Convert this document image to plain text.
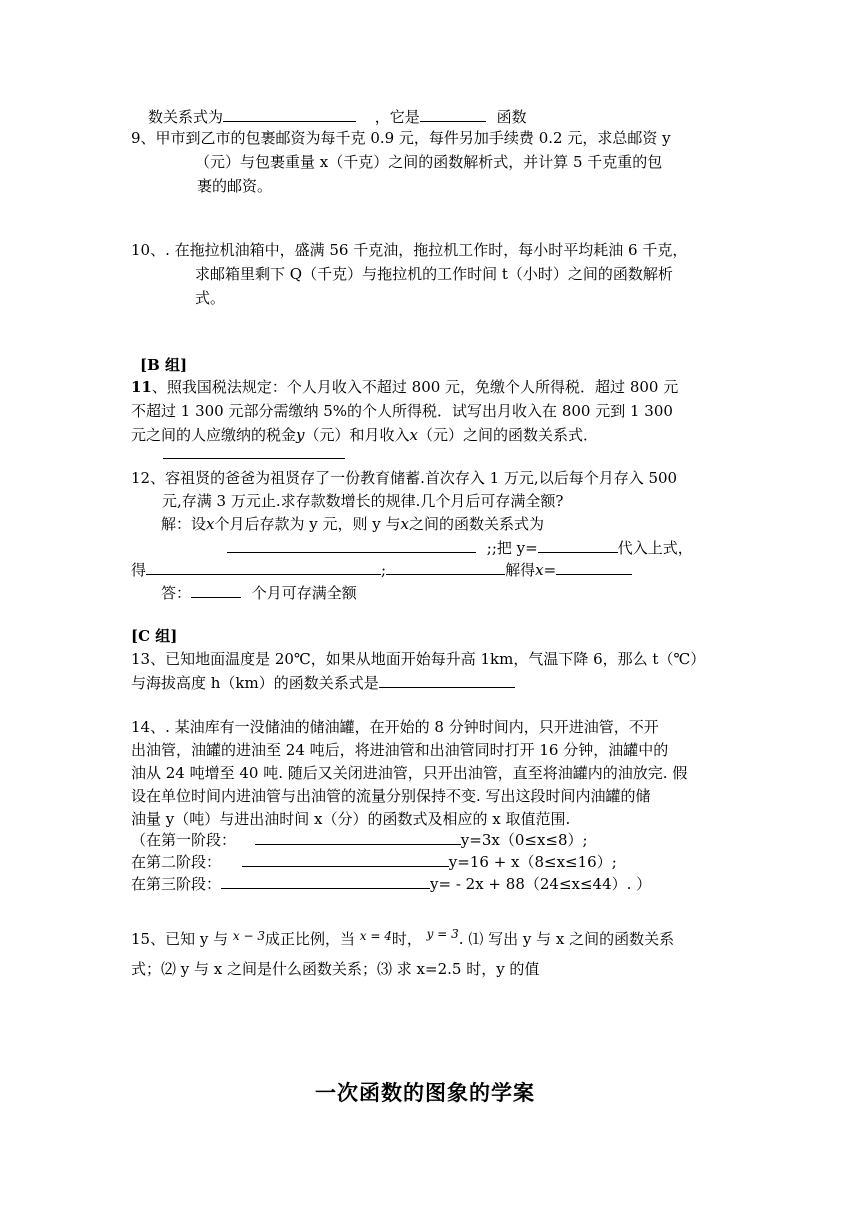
数关系式为	，它是	函数
9、甲市到乙市的包裹邮资为每千克 0.9 元，每件另加手续费 0.2 元，求总邮资 y
（元）与包裹重量 x（千克）之间的函数解析式，并计算 5 千克重的包
裹的邮资。
10、. 在拖拉机油箱中，盛满 56 千克油，拖拉机工作时，每小时平均耗油 6 千克，
求邮箱里剩下 Q（千克）与拖拉机的工作时间 t（小时）之间的函数解析
式。
[B 组]
11、照我国税法规定：个人月收入不超过 800 元，免缴个人所得税．超过 800 元
不超过 1 300 元部分需缴纳 5%的个人所得税．试写出月收入在 800 元到 1 300
元之间的人应缴纳的税金y（元）和月收入x（元）之间的函数关系式．
12、容祖贤的爸爸为祖贤存了一份教育储蓄.首次存入 1 万元,以后每个月存入 500
元,存满 3 万元止.求存款数增长的规律.几个月后可存满全额?
解：设x个月后存款为 y 元，则 y 与x之间的函数关系式为
;;把 y=	代入上式，
得	;	解得x=
答：	个月可存满全额
[C 组]
13、已知地面温度是 20℃，如果从地面开始每升高 1km，气温下降 6，那么 t（℃）
与海拔高度 h（km）的函数关系式是
14、. 某油库有一没储油的储油罐，在开始的 8 分钟时间内，只开进油管，不开
出油管，油罐的进油至 24 吨后，将进油管和出油管同时打开 16 分钟，油罐中的
油从 24 吨增至 40 吨. 随后又关闭进油管，只开出油管，直至将油罐内的油放完. 假
设在单位时间内进油管与出油管的流量分别保持不变. 写出这段时间内油罐的储
油量 y（吨）与进出油时间 x（分）的函数式及相应的 x 取值范围.
（在第一阶段：	y=3x（0≤x≤8）;
在第二阶段：	y=16 + x（8≤x≤16）;
在第三阶段：	y= - 2x + 88（24≤x≤44）. ）
15、已知 y 与 $^{x - 3}$成正比例，当 $^{x = 4}$时， $^{y = 3}$. ⑴ 写出 y 与 x 之间的函数关系
式；⑵ y 与 x 之间是什么函数关系；⑶ 求 x=2.5 时，y 的值
一次函数的图象的学案
